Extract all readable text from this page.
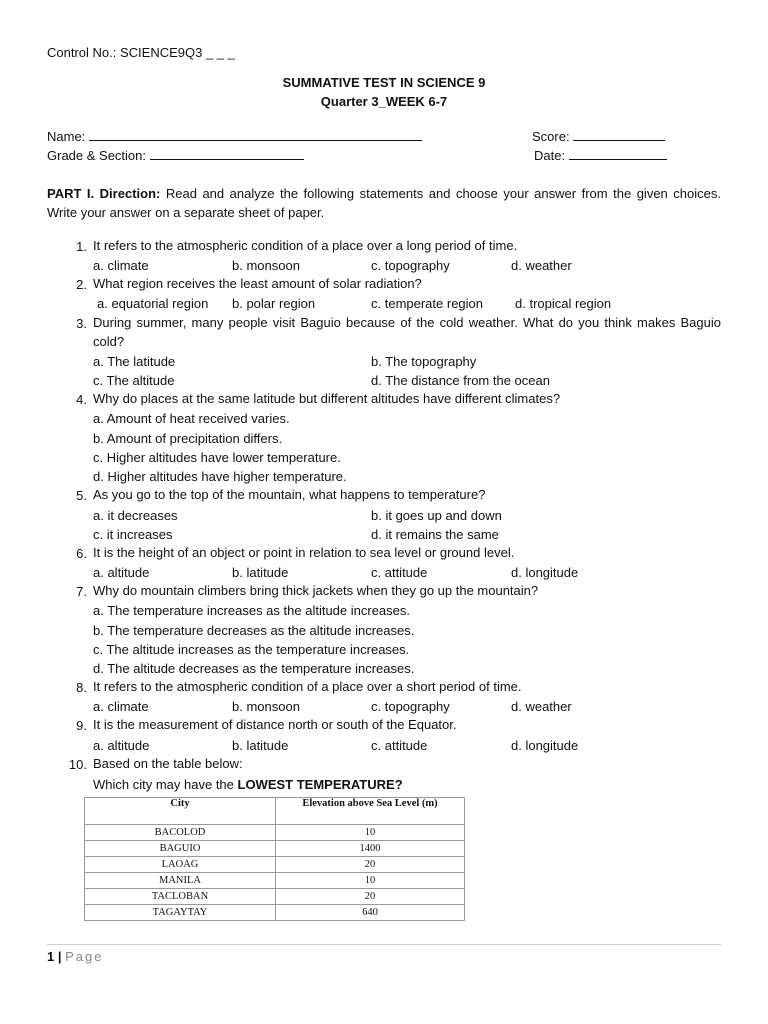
Control No.: SCIENCE9Q3 _ _ _
SUMMATIVE TEST IN SCIENCE 9
Quarter 3_WEEK 6-7
Name:	Score:
Grade & Section:	Date:
PART I. Direction: Read and analyze the following statements and choose your answer from the given choices. Write your answer on a separate sheet of paper.
1. It refers to the atmospheric condition of a place over a long period of time.
a. climate	b. monsoon	c. topography	d. weather
2. What region receives the least amount of solar radiation?
a. equatorial region b. polar region	c. temperate region d. tropical region
3. During summer, many people visit Baguio because of the cold weather. What do you think makes Baguio cold?
a. The latitude	b. The topography
c. The altitude	d. The distance from the ocean
4. Why do places at the same latitude but different altitudes have different climates?
a. Amount of heat received varies.
b. Amount of precipitation differs.
c. Higher altitudes have lower temperature.
d. Higher altitudes have higher temperature.
5. As you go to the top of the mountain, what happens to temperature?
a. it decreases	b. it goes up and down
c. it increases	d. it remains the same
6. It is the height of an object or point in relation to sea level or ground level.
a. altitude	b. latitude	c. attitude	d. longitude
7. Why do mountain climbers bring thick jackets when they go up the mountain?
a. The temperature increases as the altitude increases.
b. The temperature decreases as the altitude increases.
c. The altitude increases as the temperature increases.
d. The altitude decreases as the temperature increases.
8. It refers to the atmospheric condition of a place over a short period of time.
a. climate	b. monsoon	c. topography	d. weather
9. It is the measurement of distance north or south of the Equator.
a. altitude	b. latitude	c. attitude	d. longitude
10. Based on the table below:
Which city may have the LOWEST TEMPERATURE?
City	Elevation above Sea Level (m)
BACOLOD	10
BAGUIO	1400
LAOAG	20
MANILA	10
TACLOBAN	20
TAGAYTAY	640
1 | Page
